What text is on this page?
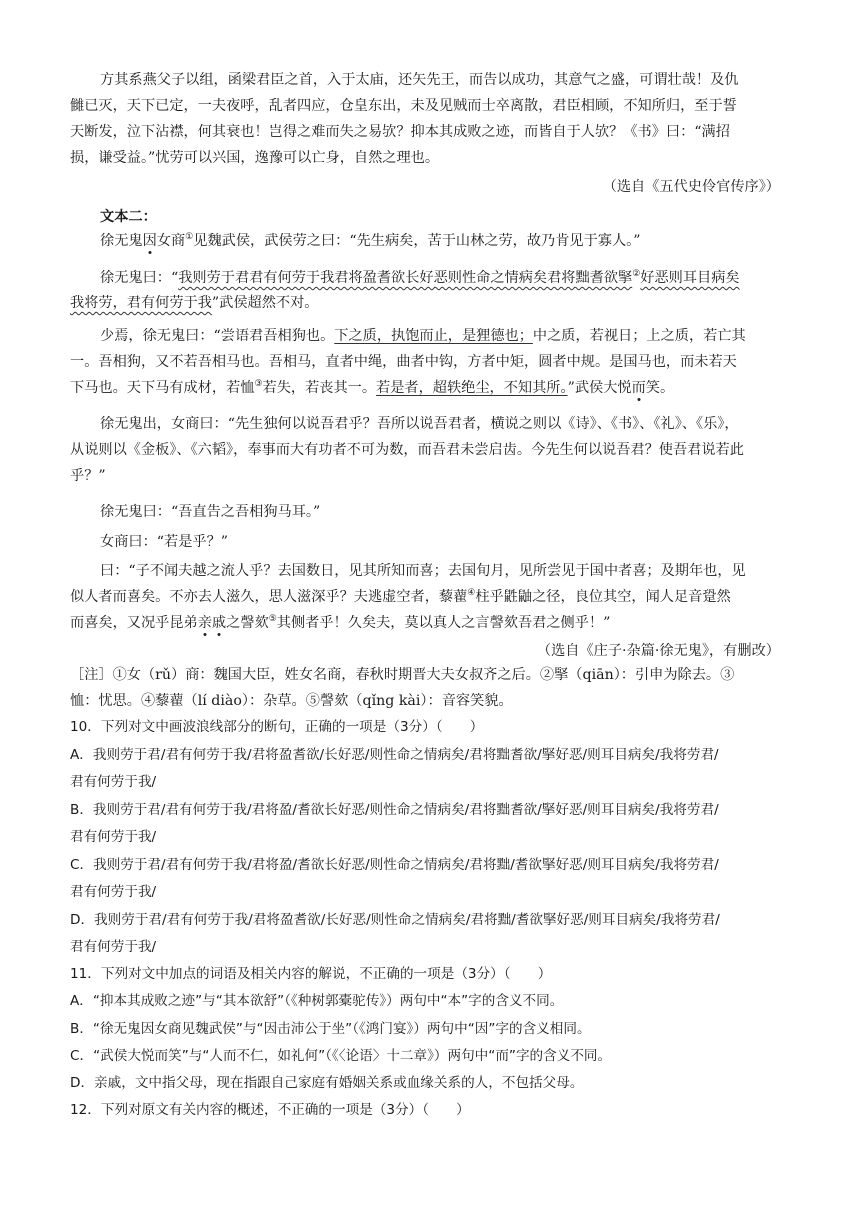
方其系燕父子以组，函梁君臣之首，入于太庙，还矢先王，而告以成功，其意气之盛，可谓壮哉！及仇
雠已灭，天下已定，一夫夜呼，乱者四应，仓皇东出，未及见贼而士卒离散，君臣相顾，不知所归，至于誓
天断发，泣下沾襟，何其衰也！岂得之难而失之易欤？抑本其成败之迹，而皆自于人欤？《书》曰：“满招
损，谦受益。”忧劳可以兴国，逸豫可以亡身，自然之理也。
（选自《五代史伶官传序》）
文本二：
徐无鬼因女商①见魏武侯，武侯劳之曰：“先生病矣，苦于山林之劳，故乃肯见于寡人。”
徐无鬼曰：“我则劳于君君有何劳于我君将盈耆欲长好恶则性命之情病矣君将黜耆欲掔②好恶则耳目病矣
我将劳，君有何劳于我”武侯超然不对。
少焉，徐无鬼曰：“尝语君吾相狗也。下之质，执饱而止，是狸德也；中之质，若视日；上之质，若亡其
一。吾相狗，又不若吾相马也。吾相马，直者中绳，曲者中钩，方者中矩，圆者中规。是国马也，而未若天
下马也。天下马有成材，若恤③若失，若丧其一。若是者，超轶绝尘，不知其所。”武侯大悦而笑。
徐无鬼出，女商曰：“先生独何以说吾君乎？吾所以说吾君者，横说之则以《诗》、《书》、《礼》、《乐》，
从说则以《金板》、《六韬》，奉事而大有功者不可为数，而吾君未尝启齿。今先生何以说吾君？使吾君说若此
乎？”
徐无鬼曰：“吾直告之吾相狗马耳。”
女商曰：“若是乎？”
曰：“子不闻夫越之流人乎？去国数日，见其所知而喜；去国旬月，见所尝见于国中者喜；及期年也，见
似人者而喜矣。不亦去人滋久，思人滋深乎？夫逃虚空者，藜藋④柱乎鼪鼬之径，良位其空，闻人足音跫然
而喜矣，又况乎昆弟亲戚之謦欬⑤其侧者乎！久矣夫，莫以真人之言謦欬吾君之侧乎！”
（选自《庄子·杂篇·徐无鬼》，有删改）
［注］①女（rǔ）商：魏国大臣，姓女名商，春秋时期晋大夫女叔齐之后。②掔（qiān）：引申为除去。③
恤：忧思。④藜藋（lí diào）：杂草。⑤謦欬（qǐng kài）：音容笑貌。
10．下列对文中画波浪线部分的断句，正确的一项是（3分）（　　）
A．我则劳于君/君有何劳于我/君将盈耆欲/长好恶/则性命之情病矣/君将黜耆欲/掔好恶/则耳目病矣/我将劳君/
君有何劳于我/
B．我则劳于君/君有何劳于我/君将盈/耆欲长好恶/则性命之情病矣/君将黜耆欲/掔好恶/则耳目病矣/我将劳君/
君有何劳于我/
C．我则劳于君/君有何劳于我/君将盈/耆欲长好恶/则性命之情病矣/君将黜/耆欲掔好恶/则耳目病矣/我将劳君/
君有何劳于我/
D．我则劳于君/君有何劳于我/君将盈耆欲/长好恶/则性命之情病矣/君将黜/耆欲掔好恶/则耳目病矣/我将劳君/
君有何劳于我/
11．下列对文中加点的词语及相关内容的解说，不正确的一项是（3分）（　　）
A．“抑本其成败之迹”与“其本欲舒”（《种树郭橐驼传》）两句中“本”字的含义不同。
B．“徐无鬼因女商见魏武侯”与“因击沛公于坐”（《鸿门宴》）两句中“因”字的含义相同。
C．“武侯大悦而笑”与“人而不仁，如礼何”（《〈论语〉十二章》）两句中“而”字的含义不同。
D．亲戚，文中指父母，现在指跟自己家庭有婚姻关系或血缘关系的人，不包括父母。
12．下列对原文有关内容的概述，不正确的一项是（3分）（　　）
